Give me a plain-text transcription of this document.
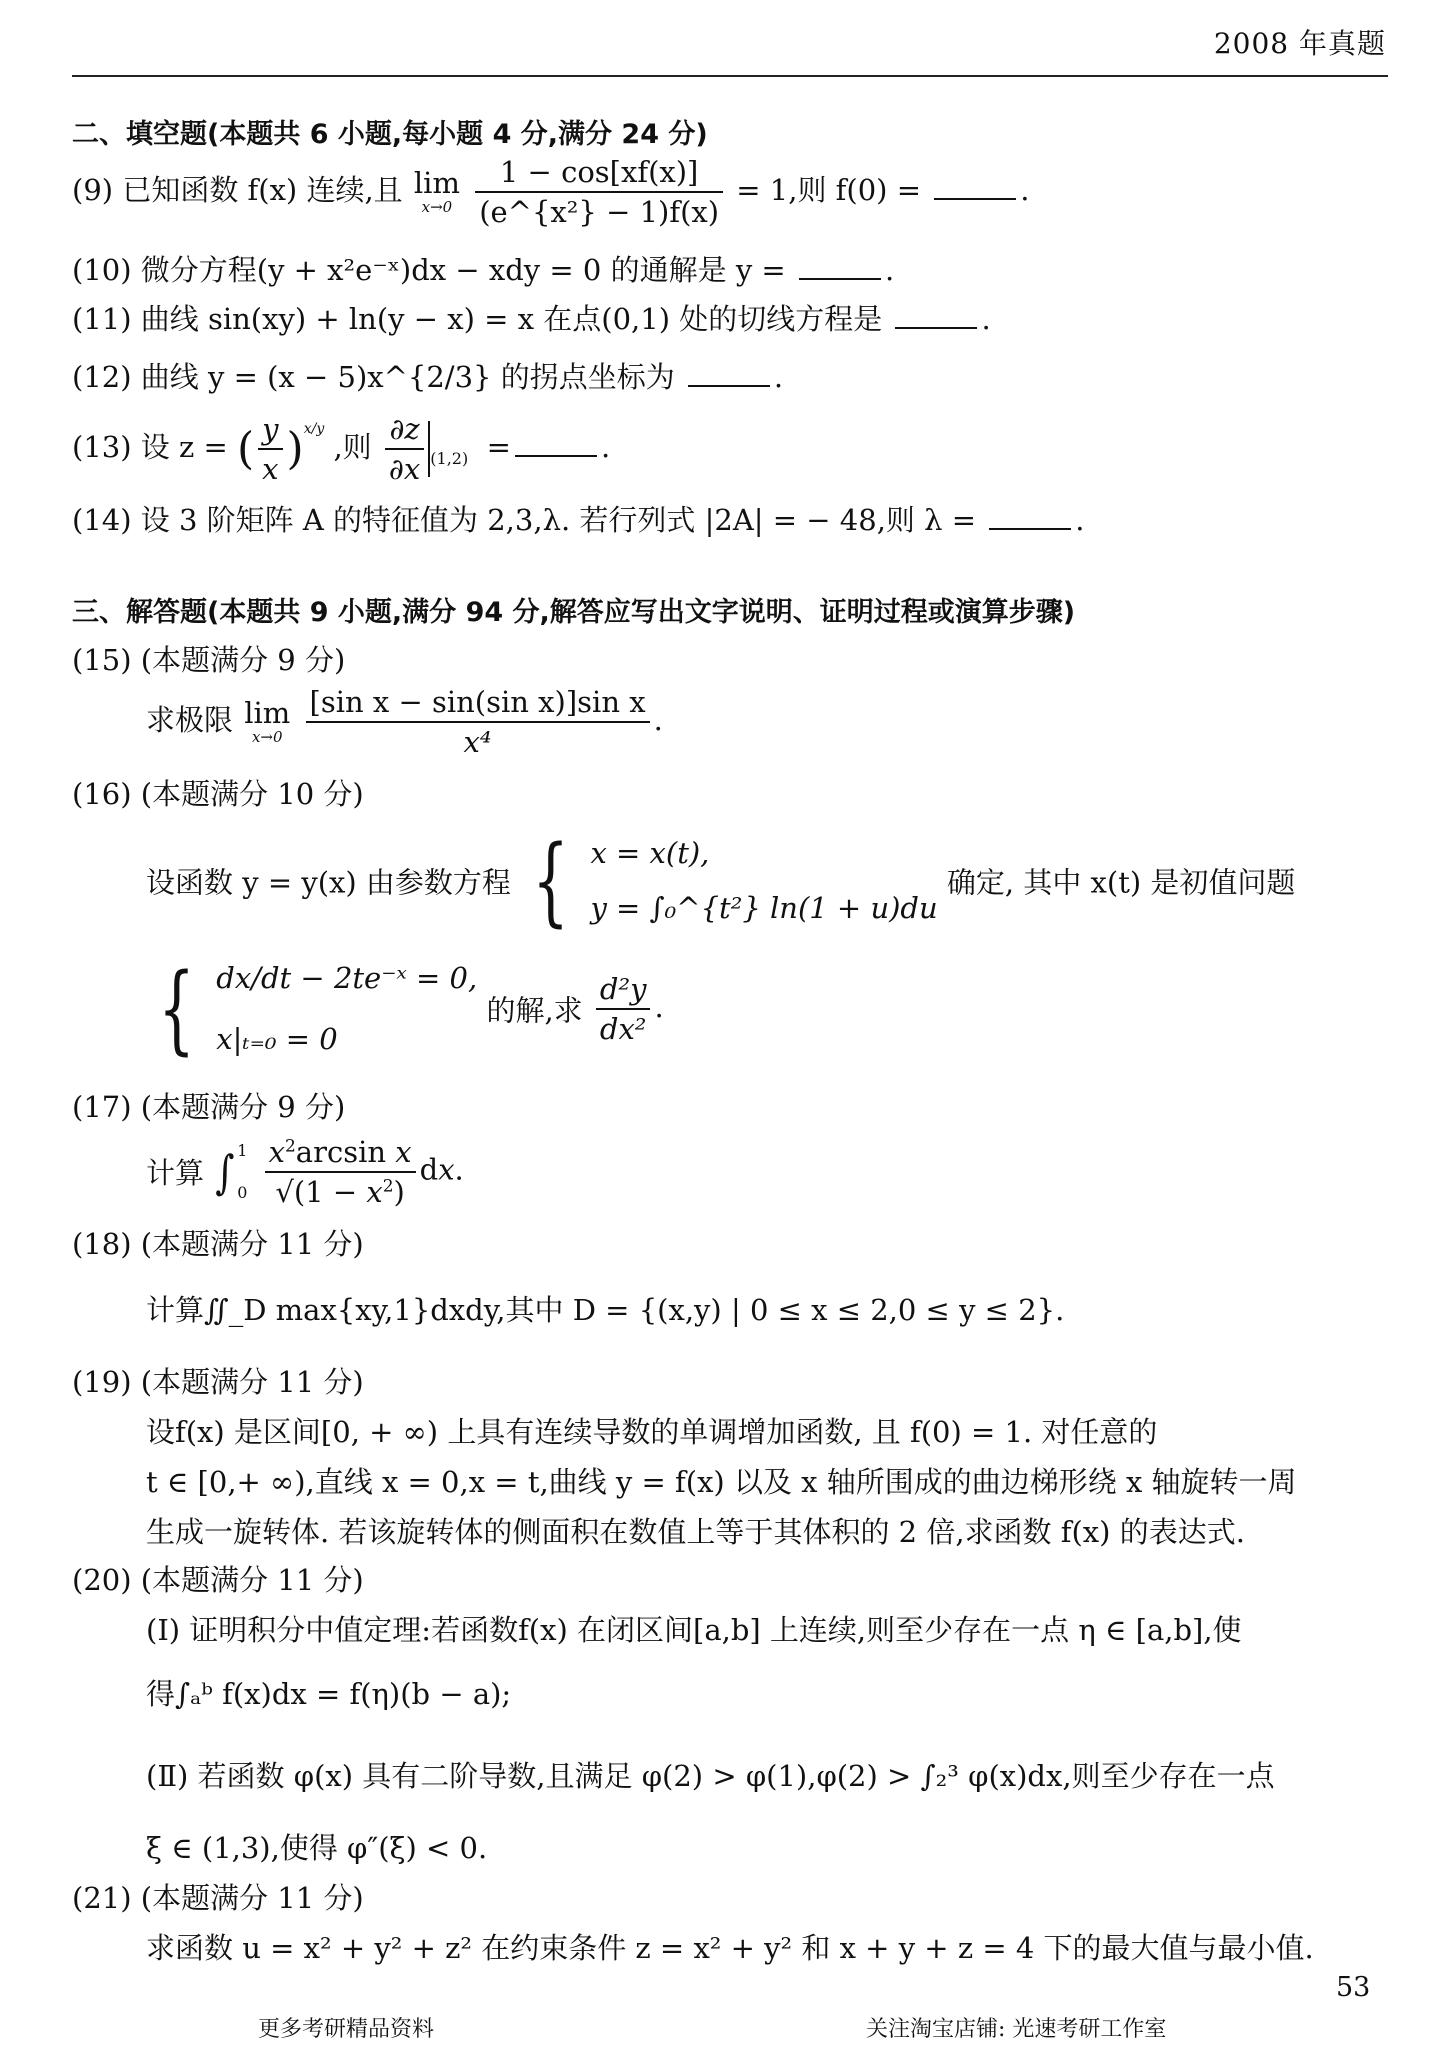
2008 年真题
二、填空题(本题共 6 小题,每小题 4 分,满分 24 分)
(9) 已知函数 f(x) 连续,且 lim
x→0
$\frac{1 - \cos[xf(x)]}{\text{(e\textasciicircum{}\{x²\} − 1)f(x)}} = 1$,则 f(0) =	.
(10) 微分方程(y + x²e⁻ˣ)dx − xdy = 0 的通解是 y =	.
(11) 曲线 sin(xy) + ln(y − x) = x 在点(0,1) 处的切线方程是	.
(12) 曲线 y = (x − 5)x^{2/3} 的拐点坐标为	.
(13) 设 z = ( $\frac{y}{x} )^{x/y}$ ,则 $\frac{\partial z}{\partial x} _{(1,2)}$  =	.
(14) 设 3 阶矩阵 A 的特征值为 2,3,λ. 若行列式 |2A| = − 48,则 λ =	.
三、解答题(本题共 9 小题,满分 94 分,解答应写出文字说明、证明过程或演算步骤)
(15) (本题满分 9 分)
求极限 lim
x→0
$\frac{\text{[sin x − sin(sin x)]sin x}}{\text{x⁴}}$ .
(16) (本题满分 10 分)
设函数 y = y(x) 由参数方程 { x = x(t),
y = ∫₀^{t²} ln(1 + u)du
确定, 其中 x(t) 是初值问题
{ dx/dt − 2te⁻ˣ = 0,
x|ₜ₌₀ = 0
的解,求 $\frac{\text{d²y}}{\text{dx²}}$ .
(17) (本题满分 9 分)
计算 ∫ 1
0
$\frac{x^2\arcsin x}{√(1 - x^2)}$ dx.
(18) (本题满分 11 分)
计算∬_D max{xy,1}dxdy,其中 D = {(x,y) | 0 ≤ x ≤ 2,0 ≤ y ≤ 2}.
(19) (本题满分 11 分)
设f(x) 是区间[0, + ∞) 上具有连续导数的单调增加函数, 且 f(0) = 1. 对任意的
t ∈ [0,+ ∞),直线 x = 0,x = t,曲线 y = f(x) 以及 x 轴所围成的曲边梯形绕 x 轴旋转一周
生成一旋转体. 若该旋转体的侧面积在数值上等于其体积的 2 倍,求函数 f(x) 的表达式.
(20) (本题满分 11 分)
(Ⅰ) 证明积分中值定理:若函数f(x) 在闭区间[a,b] 上连续,则至少存在一点 η ∈ [a,b],使
得∫ₐᵇ f(x)dx = f(η)(b − a);
(Ⅱ) 若函数 φ(x) 具有二阶导数,且满足 φ(2) > φ(1),φ(2) > ∫₂³ φ(x)dx,则至少存在一点
ξ ∈ (1,3),使得 φ″(ξ) < 0.
(21) (本题满分 11 分)
求函数 u = x² + y² + z² 在约束条件 z = x² + y² 和 x + y + z = 4 下的最大值与最小值.
53
更多考研精品资料	关注淘宝店铺: 光速考研工作室
